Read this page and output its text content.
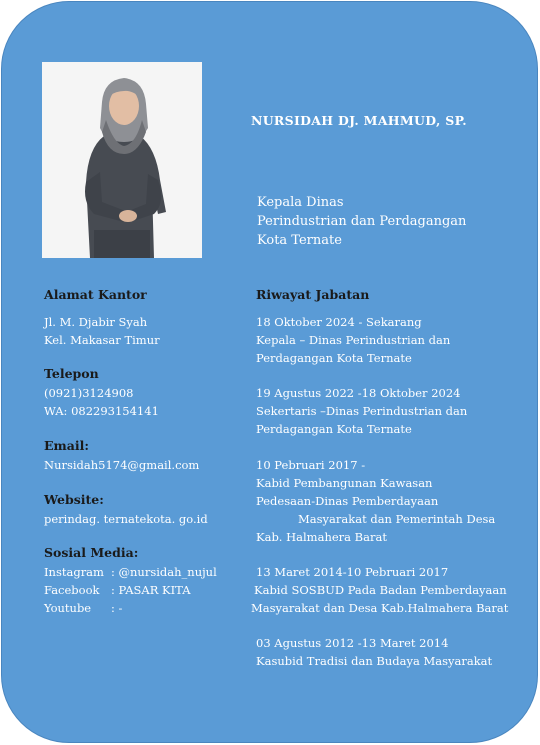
NURSIDAH DJ. MAHMUD, SP.
Kepala Dinas
Perindustrian dan Perdagangan
Kota Ternate
Alamat Kantor
Jl. M. Djabir Syah
Kel. Makasar Timur
Telepon
(0921)3124908
WA: 082293154141
Email:
Nursidah5174@gmail.com
Website:
perindag. ternatekota. go.id
Sosial Media:
Instagram : @nursidah_nujul
Facebook : PASAR KITA
Youtube : -
Riwayat Jabatan
18 Oktober 2024 - Sekarang
Kepala – Dinas Perindustrian dan
Perdagangan Kota Ternate
19 Agustus 2022 -18 Oktober 2024
Sekertaris –Dinas Perindustrian dan
Perdagangan Kota Ternate
10 Pebruari 2017 -
Kabid Pembangunan Kawasan
Pedesaan-Dinas Pemberdayaan
Masyarakat dan Pemerintah Desa
Kab. Halmahera Barat
13 Maret 2014-10 Pebruari 2017
Kabid SOSBUD Pada Badan Pemberdayaan
Masyarakat dan Desa Kab.Halmahera Barat
03 Agustus 2012 -13 Maret 2014
Kasubid Tradisi dan Budaya Masyarakat
